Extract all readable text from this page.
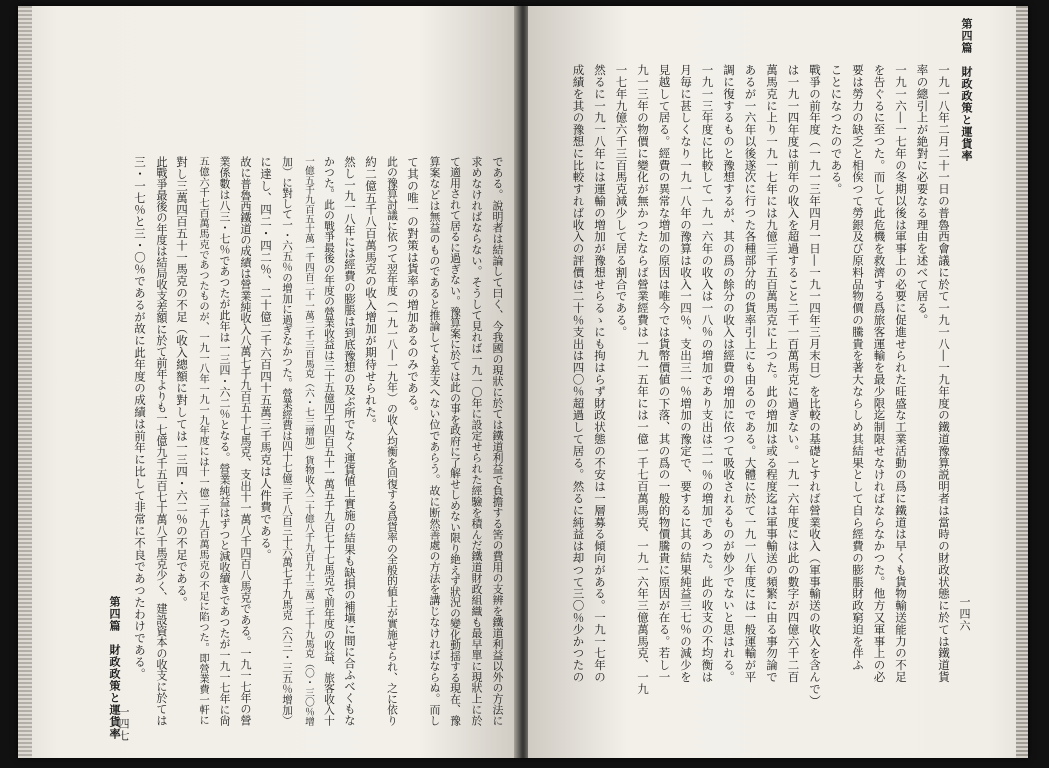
である。說明者は結論して曰く、今我國の現狀に於ては鐵道利益で負擔する筈の費用の支辨を鐵道利益以外の方法に
求めなければならない。そうして見れば一九一〇年に設定せられた經驗を積んだ鐵道財政組織も最早單に現狀上に於
て適用されて居るに過ぎない。豫算案に於ては此の事を政府に了解せしめない限り絶えず狀況の變化動揺する現在、豫
算案などは無益のものであると推論しても差支へない位であらう。故に断然善處の方法を講じなければならぬ。而し
て其の唯一の對策は貨率の増加あるのみである。
此の豫算討議に依つて翌年度（一九一八―一九年）の收入均衡を回復する爲貨率の全般的値上が實施せられ、之に依り
約二億五千八百萬馬克の收入增加が期待せられた。
然し一九一八年には經費の膨脹は到底豫想の及ぶ所でなく運貨値上實施の結果も缺損の補塡に間に合ふべくもな
かつた。此の戰爭最後の年度の營業收益は三十五億四千四百五十一萬五千九百七十七馬克で前年度の收益、旅客收入十
一億五千九百五十萬一千四百二十一萬二千三百馬克（六・七三增加）貨物收入二十億八千九百九十三萬二千十九馬克（〇・三〇％增
加）に對して一・六五％の增加に過ぎなかつた。營業經費は四十七億三千八百三十六萬七千九馬克（六三・三五％增加）
に達し、四二・四二％、二十億二千六百四十五萬三千馬克は人件費である。
故に普魯西鐵道の成績は營業純收入八萬七千九百五十七馬克、支出十一萬八千四百八馬克である。一九一七年の營
業係數は八三・七％であつたが此年は一三四・六二％となる。營業純益はずつと減收續きであつたが一九一七年に尙
五億六千七百萬馬克であつたものが、一九一八年一九一九年度には十一億二千九百萬馬克の不足に陷つた。即營業費一軒に
對し三萬四百五十一馬克の不足（收入總額に對しては一三四・六二％の不足である。
此戰爭最後の年度は結局收支差額に於て前年よりも一七億九千五百七十萬八千馬克少く、建設資本の收支に於ては
三・一七％と三・〇％であるが故に此年度の成績は前年に比して非常に不良であつたわけである。
第四篇　財政政策と運貨率
一四七
一九一八年二月二十一日の普魯西會議に於て一九一八―一九年度の鐵道豫算説明者は當時の財政状態に於ては鐵道貨
率の總引上が絶對に必要なる理由を述べて居る。
一九一六―一七年の冬期以後は軍事上の必要に促進せられた旺盛な工業活動の爲に鐵道は早くも貨物輸送能力の不足
を告ぐるに至つた。而して此危機を救濟する爲旅客運輸を最少限迄制限せなければならなかつた。他方又軍事上の必
要は勞力の缺乏と相俟つて勞銀及び原料品物價の騰貴を著大ならしめ其結果として自ら經費の膨脹財政窮迫を伴ふ
ことになつたのである。
戰爭の前年度（一九一三年四月一日―一九一四年三月末日）を比較の基礎とすれば營業收入（軍事輸送の收入を含んで）
は一九一四年度は前年の收入を超過すること二千一百萬馬克に過ぎない。一九一六年度には此の數字が四億六千二百
萬馬克に上り一九一七年には九億三千五百萬馬克に上つた。此の増加は或る程度迄は軍事輸送の頻繁に由る事勿論で
あるが一六年以後遂次に行つた各種部分的の貨率引上にも由るのである。大體に於て一九一八年度には一般運輸が平
調に復するものと豫想するが、其の爲の餘分の收入は經費の増加に依つて吸收されるものが妙少でないと思はれる。
一九一三年度に比較して一九一六年の收入は一八％の増加であり支出は二一％の増加であつた。此の收支の不均衡は
月毎に甚しくなり一九一八年の豫算は收入一四％、支出三一％増加の豫定で、要するに其の結果純益三七％の減少を
見越して居る。經費の異常な増加の原因は唯今では貨幣價値の下落、其の爲の一般的物價騰貴に原因が在る。若し一
九一三年の物價に變化が無かつたならば營業經費は一九一五年には一億一千七百萬馬克、一九一六年三億萬馬克、一九
一七年九億六千三百馬克減少して居る割合である。
然るに一九一八年には運輸の増加が豫想せらるゝにも拘はらず財政状態の不安は一層募る傾向がある。一九一七年の
成績を其の豫想に比較すれば收入の評價は二十％支出は四〇％超過して居る。然るに純益は却つて三〇％少かつたの	第四篇　財政政策と運貨率
一四六
